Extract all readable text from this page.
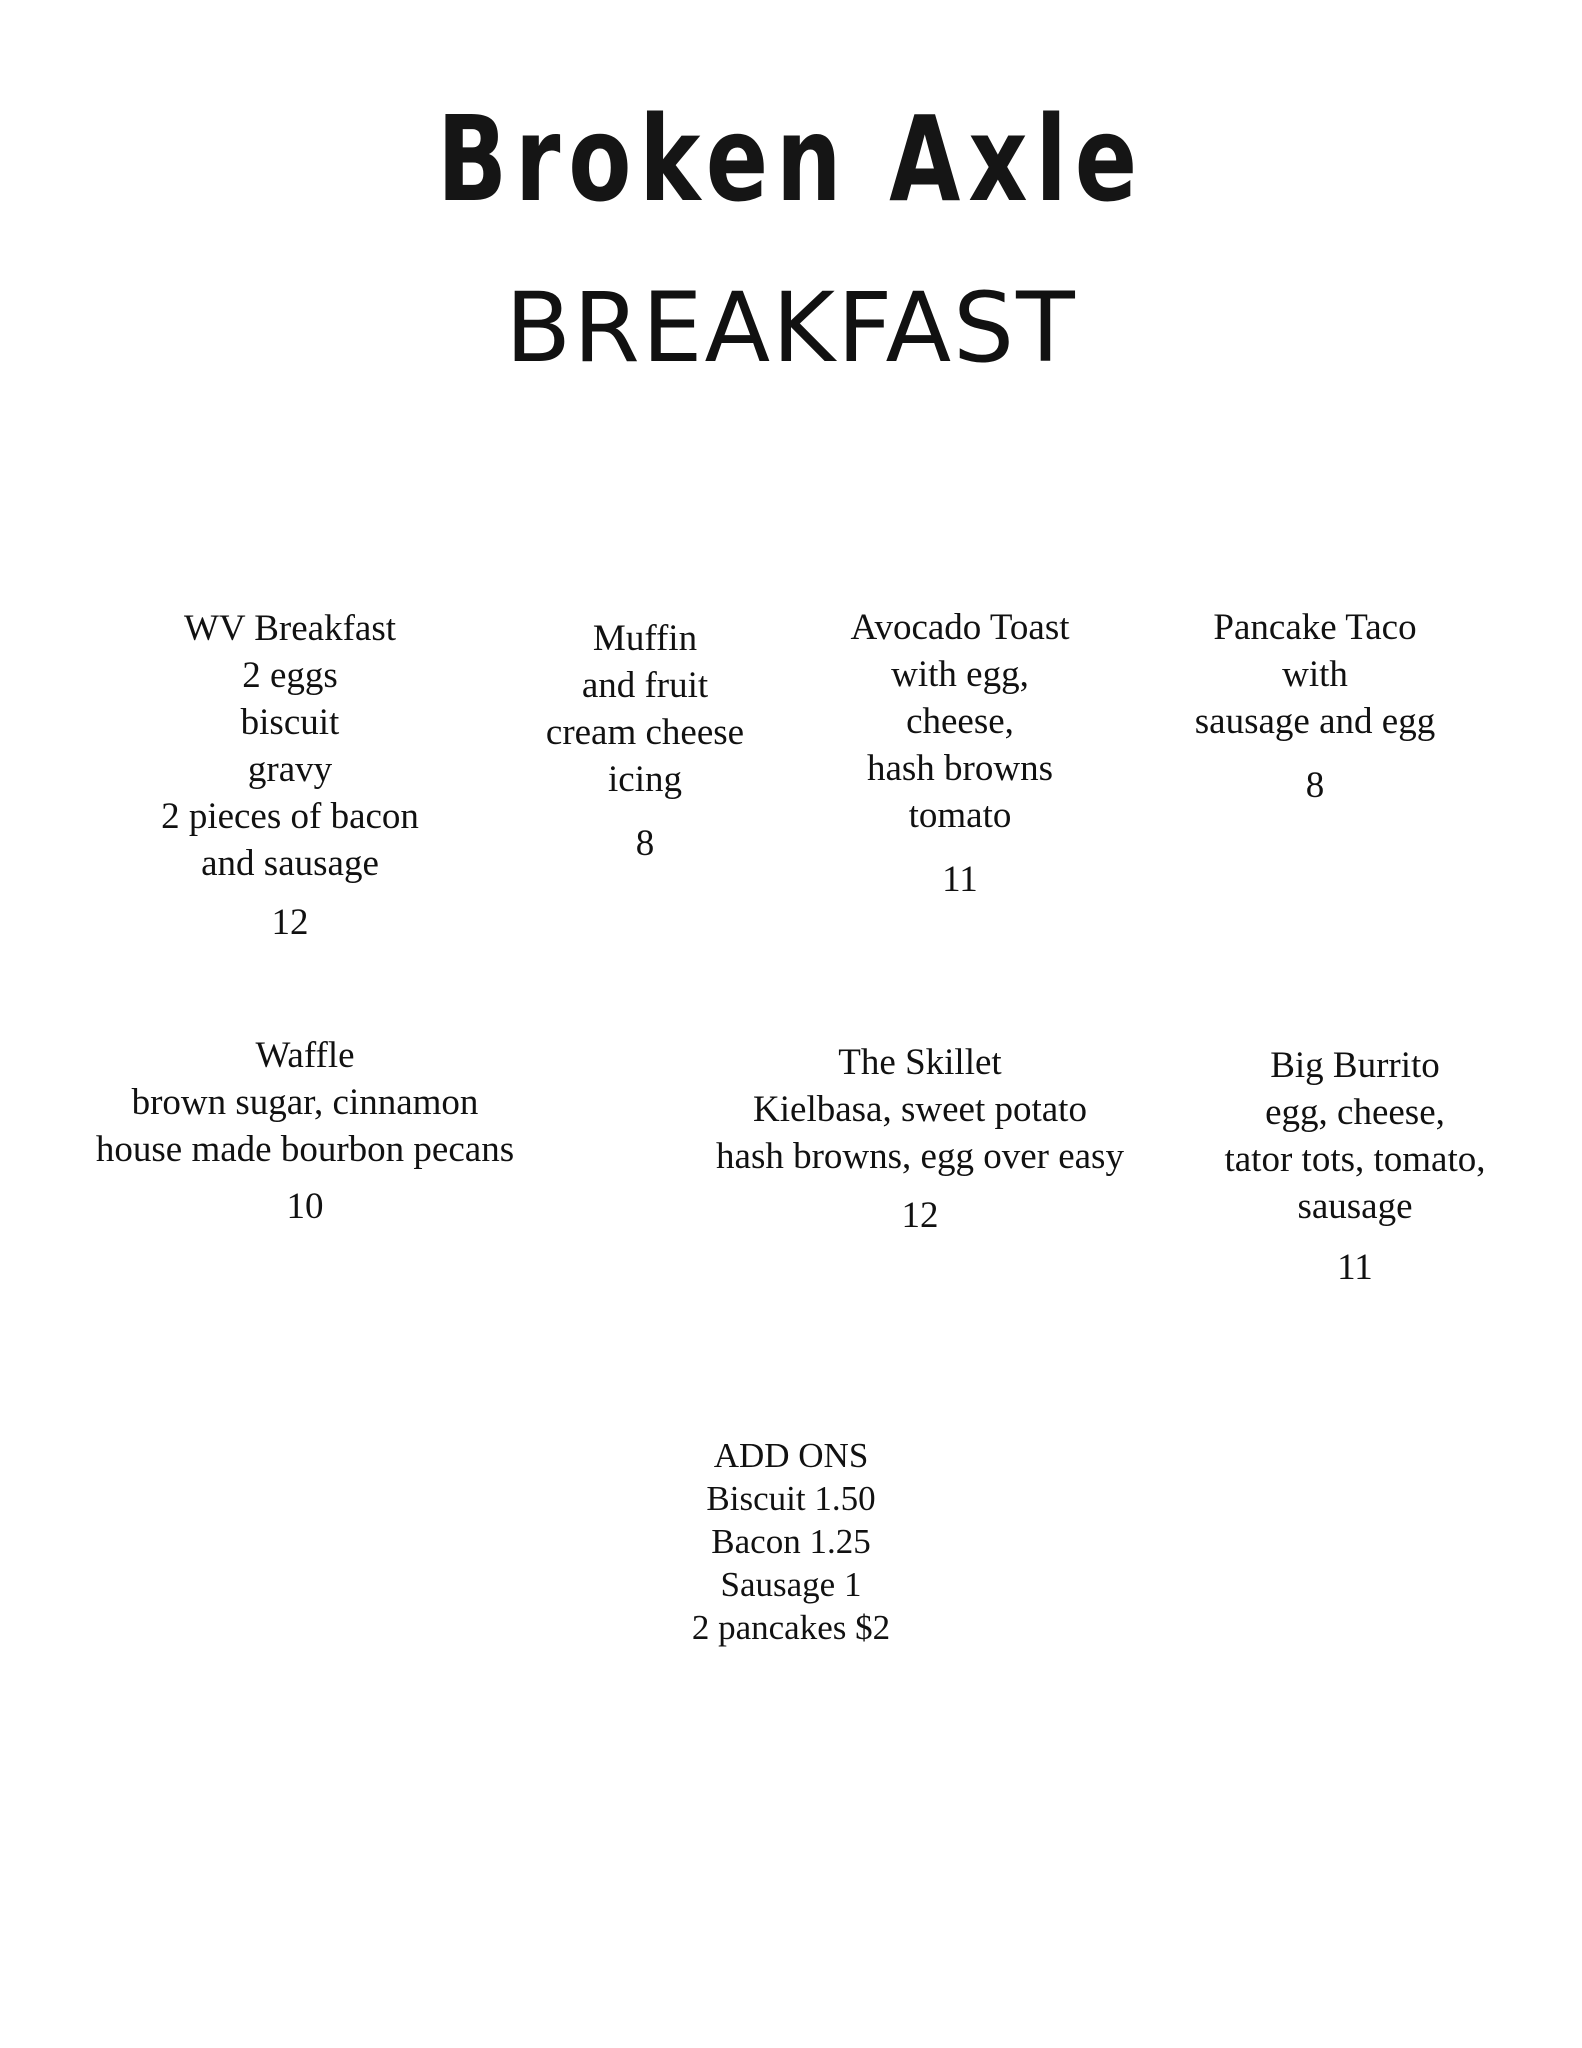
Broken Axle
BREAKFAST
WV Breakfast
2 eggs
biscuit
gravy
2 pieces of bacon
and sausage
12
Muffin
and fruit
cream cheese
icing
8
Avocado Toast
with egg,
cheese,
hash browns
tomato
11
Pancake Taco
with
sausage and egg
8
Waffle
brown sugar, cinnamon
house made bourbon pecans
10
The Skillet
Kielbasa, sweet potato
hash browns, egg over easy
12
Big Burrito
egg, cheese,
tator tots, tomato,
sausage
11
ADD ONS
Biscuit 1.50
Bacon 1.25
Sausage 1
2 pancakes $2
